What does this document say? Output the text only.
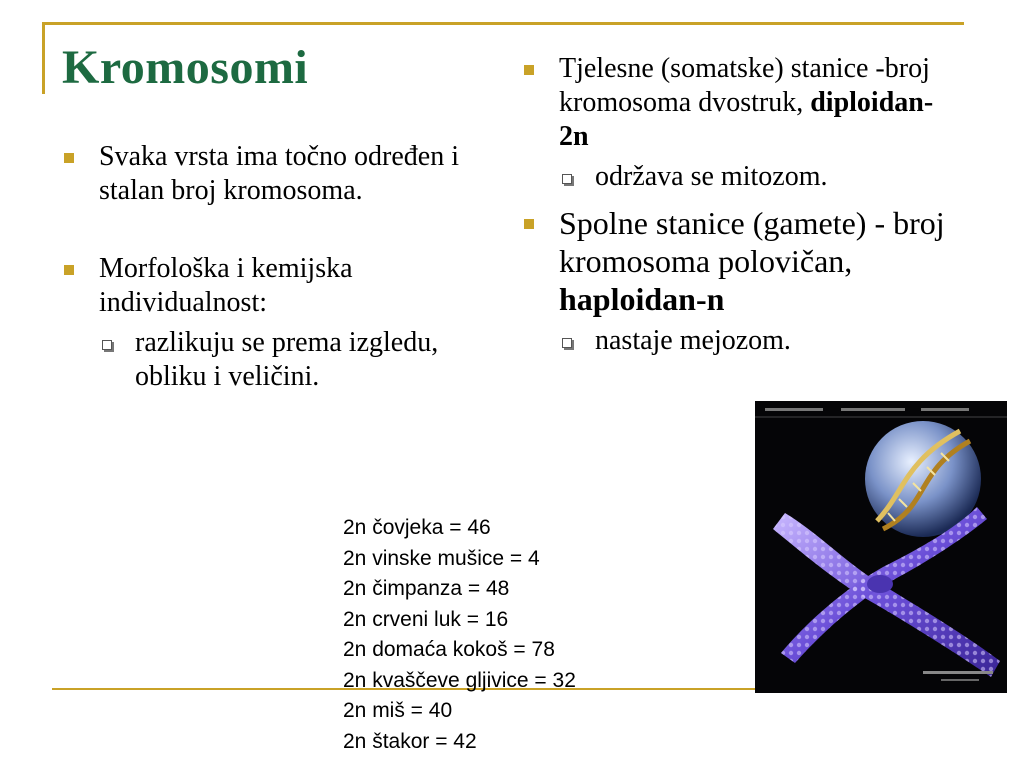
Kromosomi
Svaka vrsta ima točno određen i stalan broj kromosoma.
Morfološka i kemijska individualnost:
razlikuju se prema izgledu, obliku i veličini.
Tjelesne (somatske) stanice -broj kromosoma dvostruk, diploidan-2n
održava se mitozom.
Spolne stanice (gamete) - broj kromosoma polovičan, haploidan-n
nastaje mejozom.
2n čovjeka = 46
2n vinske mušice = 4
2n čimpanza = 48
2n crveni luk = 16
2n domaća kokoš = 78
2n kvaščeve gljivice = 32
2n miš = 40
2n štakor = 42
